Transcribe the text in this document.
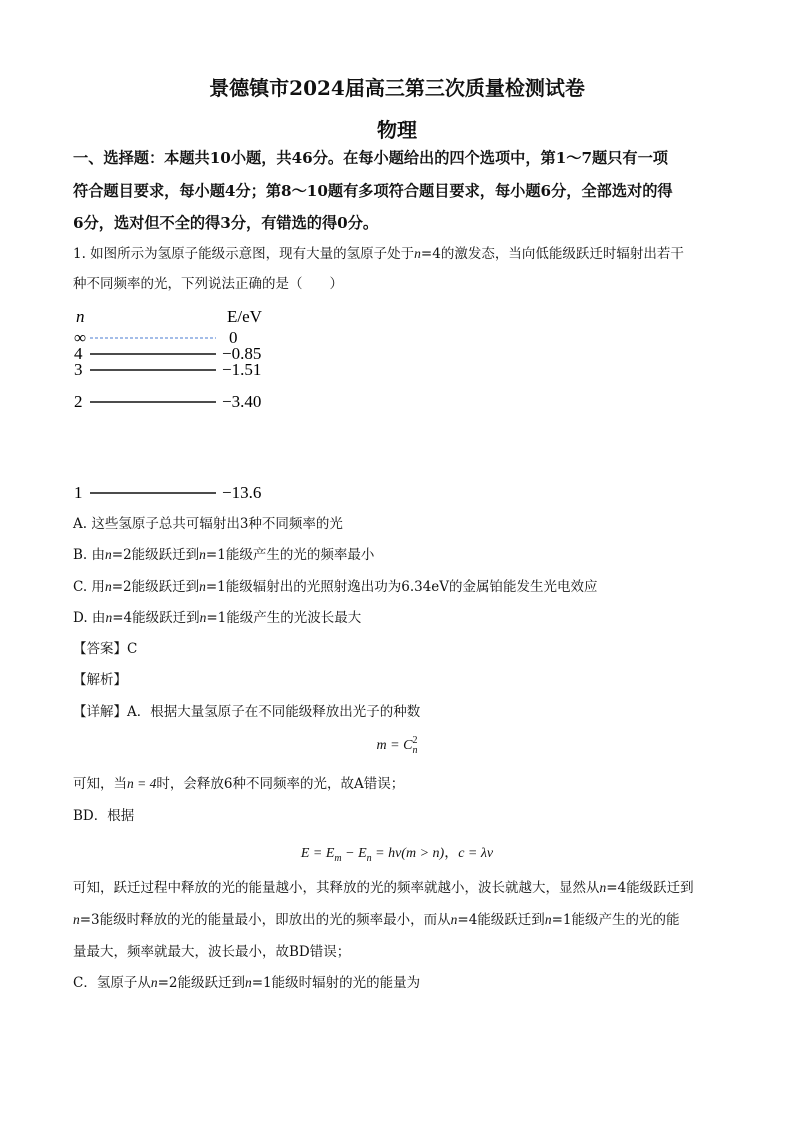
景德镇市2024届高三第三次质量检测试卷
物理
一、选择题：本题共10小题，共46分。在每小题给出的四个选项中，第1～7题只有一项
符合题目要求，每小题4分；第8～10题有多项符合题目要求，每小题6分，全部选对的得
6分，选对但不全的得3分，有错选的得0分。
1. 如图所示为氢原子能级示意图，现有大量的氢原子处于n=4的激发态，当向低能级跃迁时辐射出若干
种不同频率的光，下列说法正确的是（　　）
n	E/eV
∞	0
4	−0.85
3	−1.51
2	−3.40
1	−13.6
A. 这些氢原子总共可辐射出3种不同频率的光
B. 由n=2能级跃迁到n=1能级产生的光的频率最小
C. 用n=2能级跃迁到n=1能级辐射出的光照射逸出功为6.34eV的金属铂能发生光电效应
D. 由n=4能级跃迁到n=1能级产生的光波长最大
【答案】C
【解析】
【详解】A．根据大量氢原子在不同能级释放出光子的种数
m = C 2
n
可知，当n = 4时，会释放6种不同频率的光，故A错误；
BD．根据
$E = E_m - E_n = h\nu(m > n)$，c = λν
可知，跃迁过程中释放的光的能量越小，其释放的光的频率就越小，波长就越大，显然从n=4能级跃迁到
n=3能级时释放的光的能量最小，即放出的光的频率最小，而从n=4能级跃迁到n=1能级产生的光的能
量最大，频率就最大，波长最小，故BD错误；
C．氢原子从n=2能级跃迁到n=1能级时辐射的光的能量为
